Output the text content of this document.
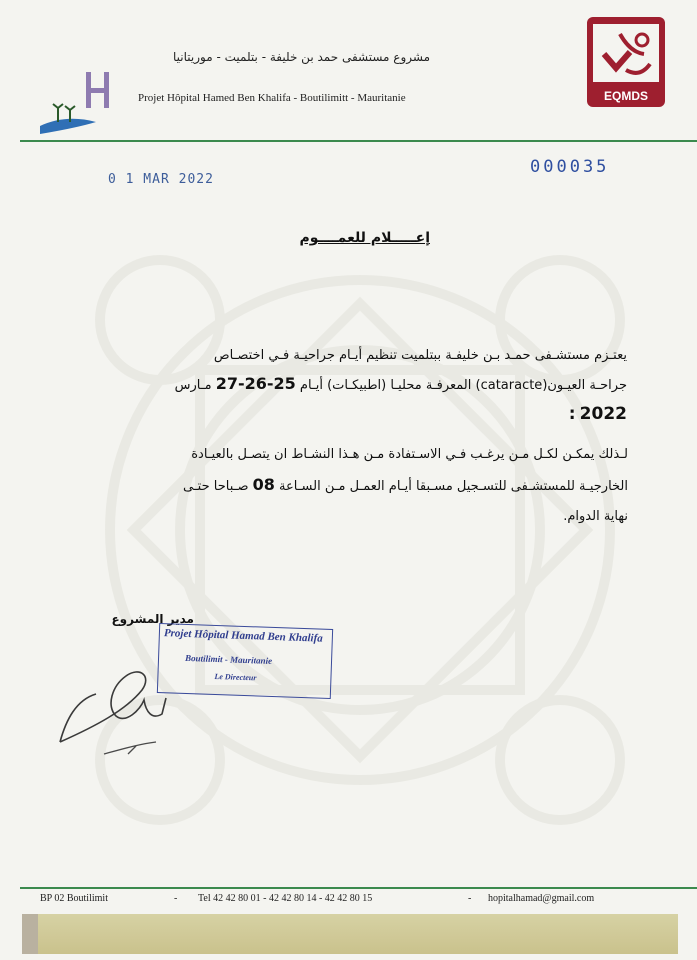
مشروع مستشفى حمد بن خليفة - بتلميت - موريتانيا
Projet Hôpital Hamed Ben Khalifa - Boutilimitt - Mauritanie	EQMDS
0 1 MAR 2022
000035
إعـــــلام للعمــــوم
يعتـزم مستشـفى حمـد بـن خليفـة ببتلميت تنظيم أيـام جراحيـة فـي اختصـاص
جراحـة العيـون(cataracte) المعرفـة محليـا (اطبيكـات) أيـام 25-26-27 مـارس
2022 :
لـذلك يمكـن لكـل مـن يرغـب فـي الاسـتفادة مـن هـذا النشـاط ان يتصـل بالعيـادة
الخارجيـة للمستشـفى للتسـجيل مسـبقا أيـام العمـل مـن السـاعة 08 صـباحا حتـى
نهاية الدوام.
مدير المشروع
Projet Hôpital Hamad Ben Khalifa
Boutilimit - Mauritanie
Le Directeur
BP 02 Boutilimit	- Tel 42 42 80 01 - 42 42 80 14 - 42 42 80 15	- hopitalhamad@gmail.com
